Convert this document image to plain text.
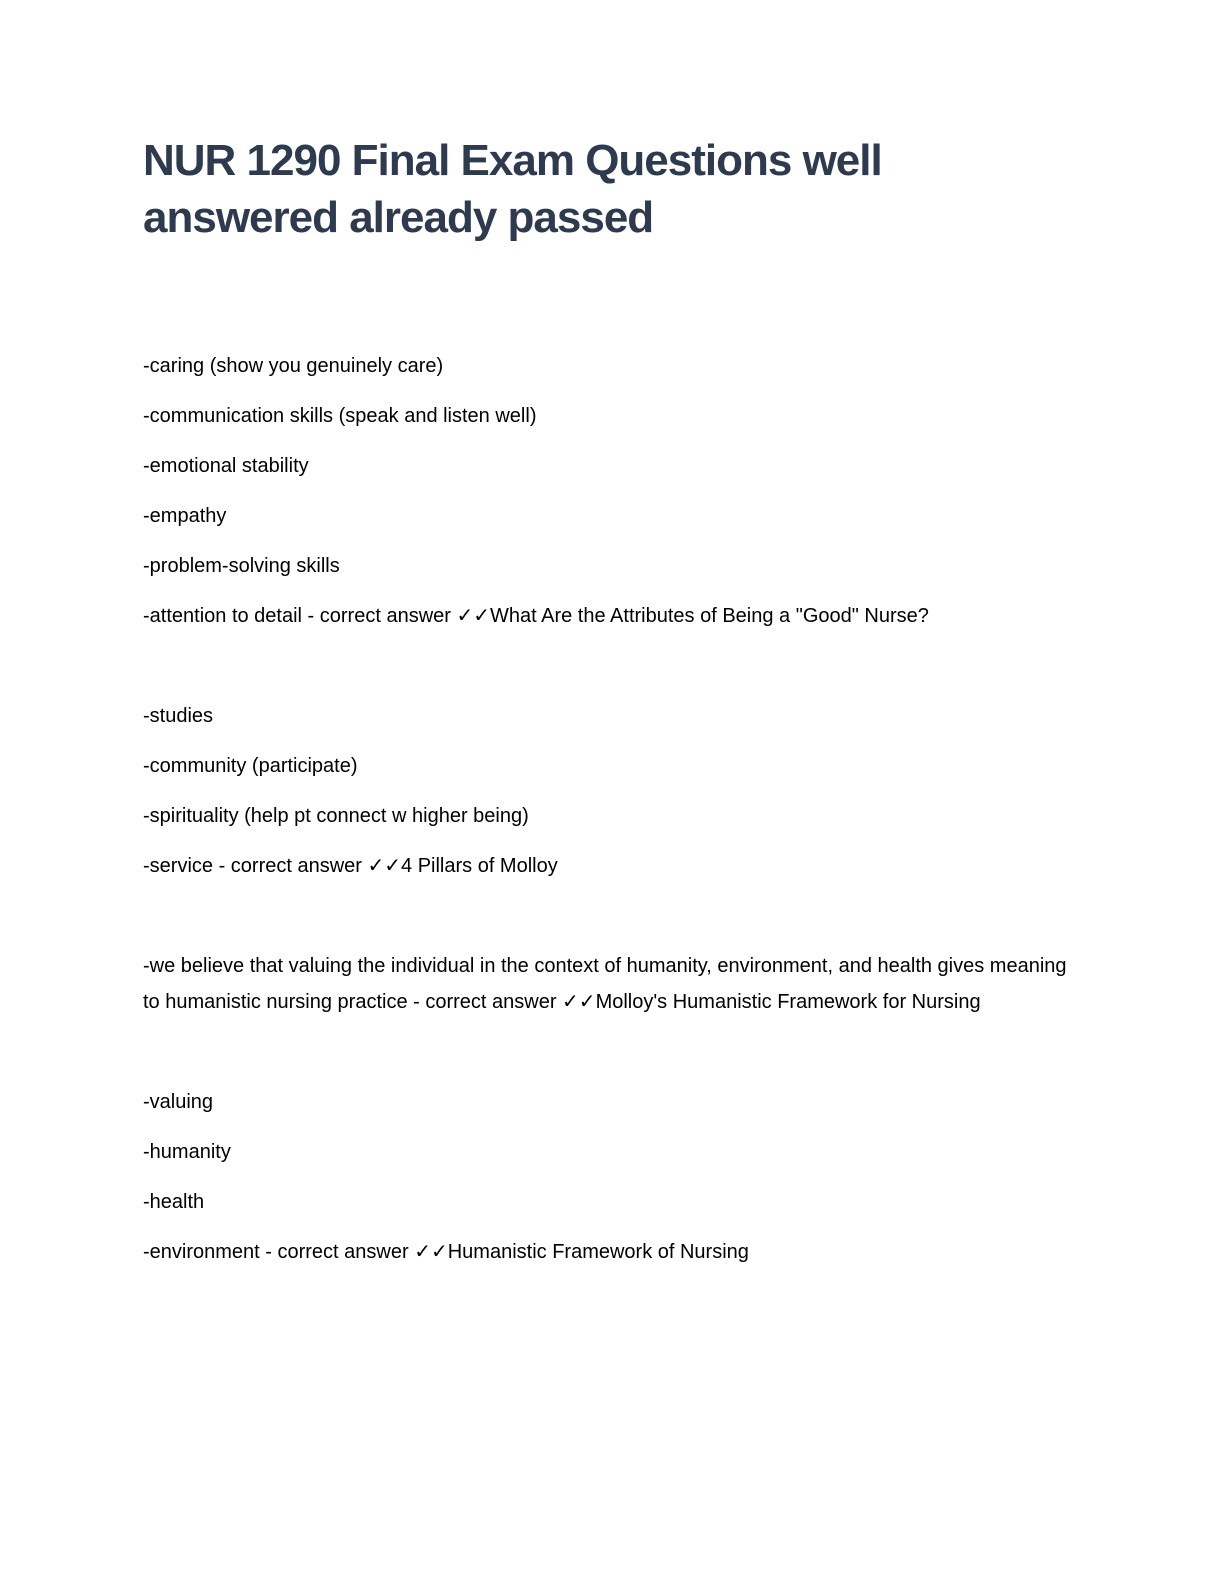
NUR 1290 Final Exam Questions well answered already passed

-caring (show you genuinely care)

-communication skills (speak and listen well)

-emotional stability

-empathy

-problem-solving skills

-attention to detail - correct answer ✓✓What Are the Attributes of Being a "Good" Nurse?

-studies

-community (participate)

-spirituality (help pt connect w higher being)

-service - correct answer ✓✓4 Pillars of Molloy

-we believe that valuing the individual in the context of humanity, environment, and health gives meaning to humanistic nursing practice - correct answer ✓✓Molloy's Humanistic Framework for Nursing

-valuing

-humanity

-health

-environment - correct answer ✓✓Humanistic Framework of Nursing
